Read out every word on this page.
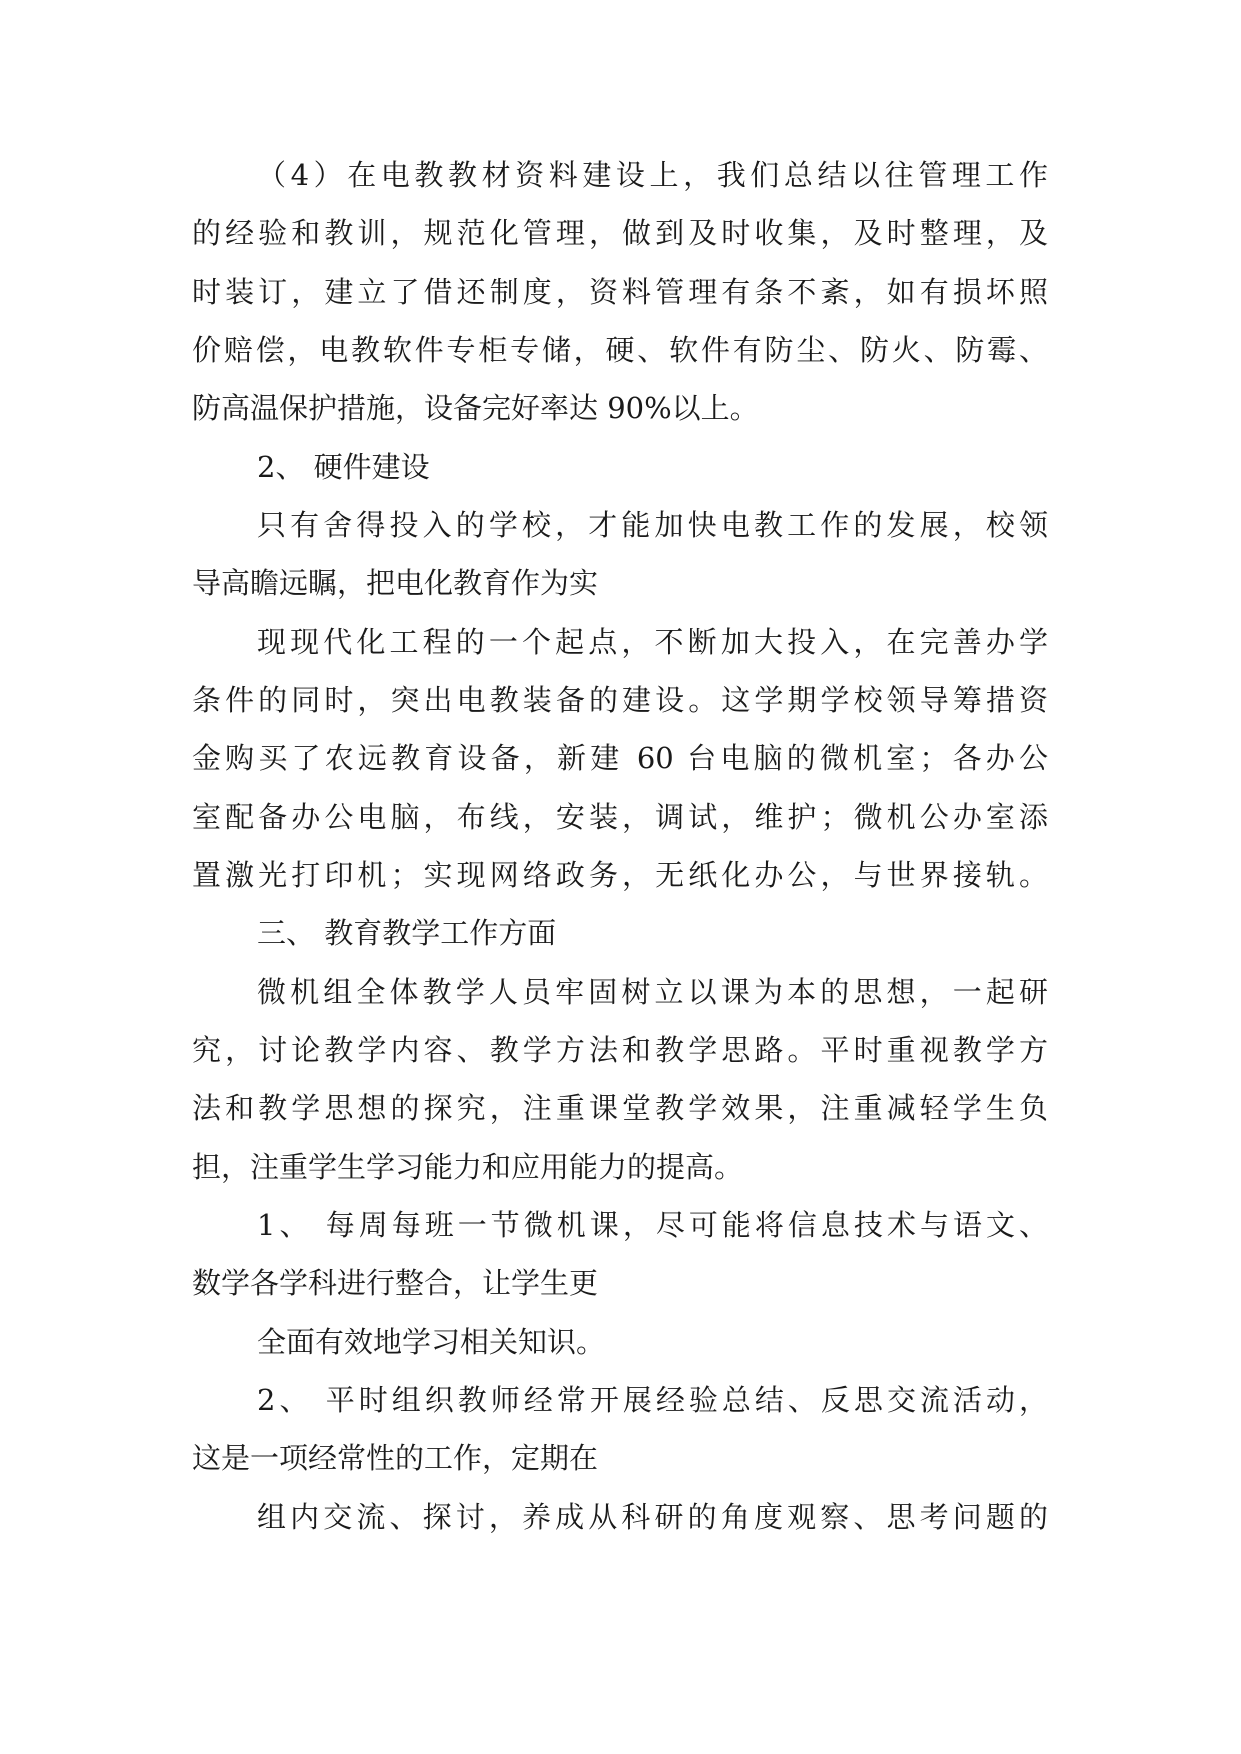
（4）在电教教材资料建设上，我们总结以往管理工作
的经验和教训，规范化管理，做到及时收集，及时整理，及
时装订，建立了借还制度，资料管理有条不紊，如有损坏照
价赔偿，电教软件专柜专储，硬、软件有防尘、防火、防霉、
防高温保护措施，设备完好率达 90%以上。
2、 硬件建设
只有舍得投入的学校，才能加快电教工作的发展，校领
导高瞻远瞩，把电化教育作为实
现现代化工程的一个起点，不断加大投入，在完善办学
条件的同时，突出电教装备的建设。这学期学校领导筹措资
金购买了农远教育设备，新建 60 台电脑的微机室；各办公
室配备办公电脑，布线，安装，调试，维护；微机公办室添
置激光打印机；实现网络政务，无纸化办公，与世界接轨。
三、 教育教学工作方面
微机组全体教学人员牢固树立以课为本的思想，一起研
究，讨论教学内容、教学方法和教学思路。平时重视教学方
法和教学思想的探究，注重课堂教学效果，注重减轻学生负
担，注重学生学习能力和应用能力的提高。
1、 每周每班一节微机课，尽可能将信息技术与语文、
数学各学科进行整合，让学生更
全面有效地学习相关知识。
2、 平时组织教师经常开展经验总结、反思交流活动，
这是一项经常性的工作，定期在
组内交流、探讨，养成从科研的角度观察、思考问题的
